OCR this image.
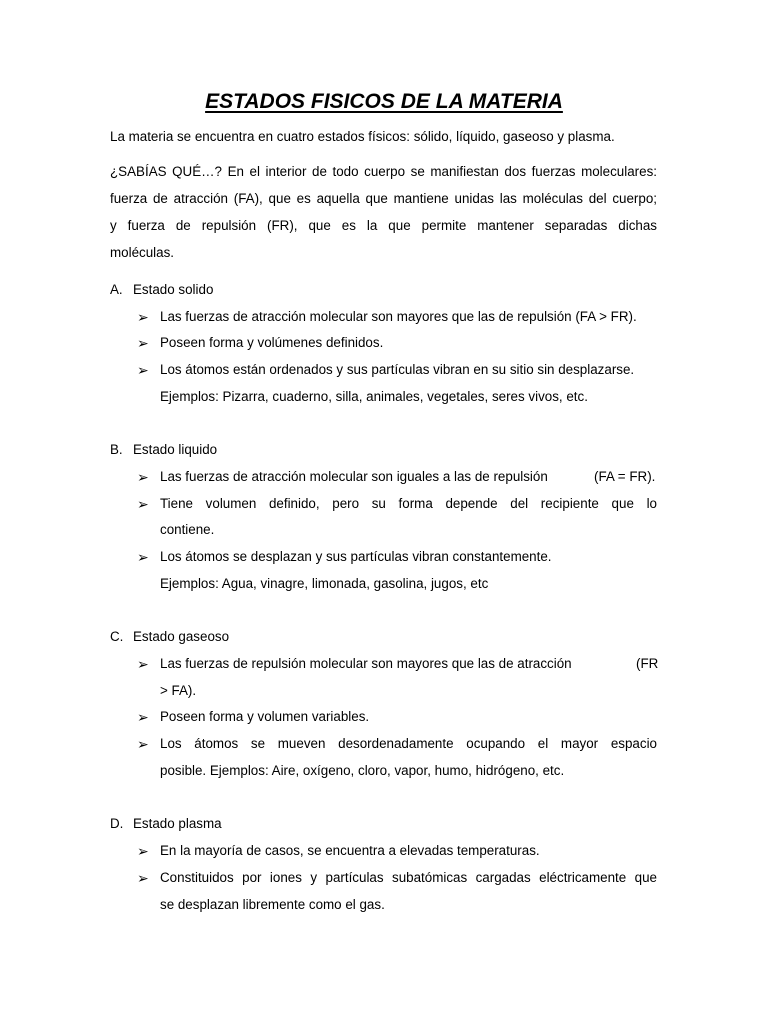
ESTADOS FISICOS DE LA MATERIA
La materia se encuentra en cuatro estados físicos: sólido, líquido, gaseoso y plasma.
¿SABÍAS QUÉ…? En el interior de todo cuerpo se manifiestan dos fuerzas moleculares:
fuerza de atracción (FA), que es aquella que mantiene unidas las moléculas del cuerpo;
y fuerza de repulsión (FR), que es la que permite mantener separadas dichas
moléculas.
A. Estado solido
➢ Las fuerzas de atracción molecular son mayores que las de repulsión (FA > FR).
➢ Poseen forma y volúmenes definidos.
➢ Los átomos están ordenados y sus partículas vibran en su sitio sin desplazarse.
Ejemplos: Pizarra, cuaderno, silla, animales, vegetales, seres vivos, etc.
B. Estado liquido
➢ Las fuerzas de atracción molecular son iguales a las de repulsión	(FA = FR).
➢ Tiene volumen definido, pero su forma depende del recipiente que lo
contiene.
➢ Los átomos se desplazan y sus partículas vibran constantemente.
Ejemplos: Agua, vinagre, limonada, gasolina, jugos, etc
C. Estado gaseoso
➢ Las fuerzas de repulsión molecular son mayores que las de atracción	(FR
> FA).
➢ Poseen forma y volumen variables.
➢ Los átomos se mueven desordenadamente ocupando el mayor espacio
posible. Ejemplos: Aire, oxígeno, cloro, vapor, humo, hidrógeno, etc.
D. Estado plasma
➢ En la mayoría de casos, se encuentra a elevadas temperaturas.
➢ Constituidos por iones y partículas subatómicas cargadas eléctricamente que
se desplazan libremente como el gas.
